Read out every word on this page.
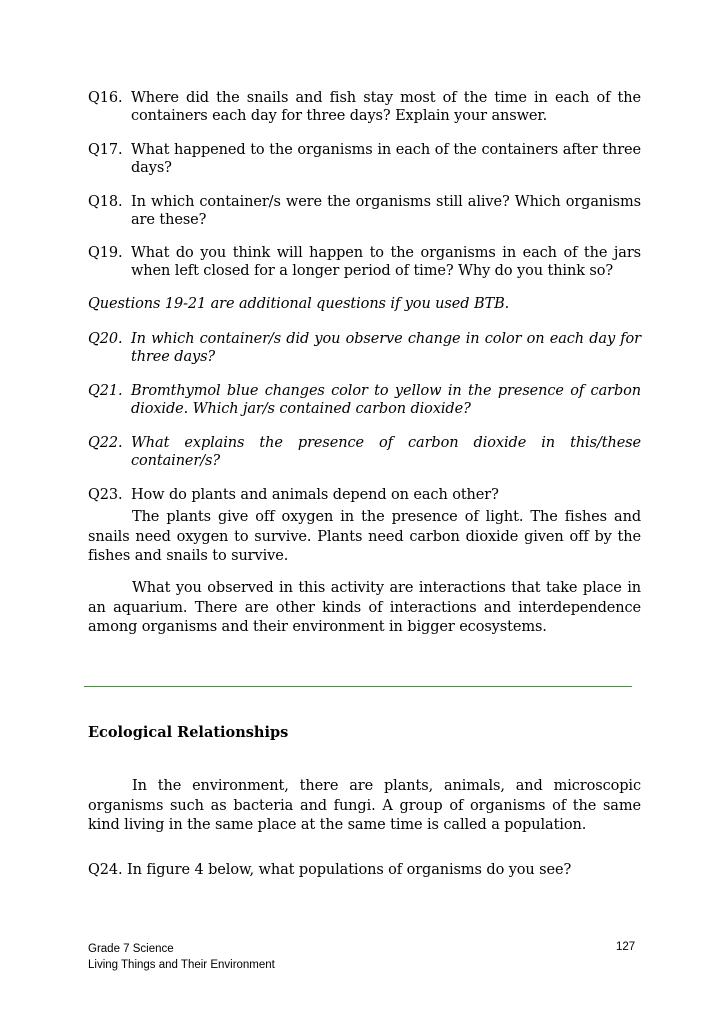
Q16. Where did the snails and fish stay most of the time in each of the containers each day for three days? Explain your answer.
Q17. What happened to the organisms in each of the containers after three days?
Q18. In which container/s were the organisms still alive? Which organisms are these?
Q19. What do you think will happen to the organisms in each of the jars when left closed for a longer period of time? Why do you think so?
Questions 19-21 are additional questions if you used BTB.
Q20. In which container/s did you observe change in color on each day for three days?
Q21. Bromthymol blue changes color to yellow in the presence of carbon dioxide. Which jar/s contained carbon dioxide?
Q22. What explains the presence of carbon dioxide in this/these container/s?
Q23. How do plants and animals depend on each other?

The plants give off oxygen in the presence of light. The fishes and snails need oxygen to survive. Plants need carbon dioxide given off by the fishes and snails to survive.

What you observed in this activity are interactions that take place in an aquarium. There are other kinds of interactions and interdependence among organisms and their environment in bigger ecosystems.

Ecological Relationships

In the environment, there are plants, animals, and microscopic organisms such as bacteria and fungi. A group of organisms of the same kind living in the same place at the same time is called a population.

Q24. In figure 4 below, what populations of organisms do you see?
Grade 7 Science
Living Things and Their Environment
127
